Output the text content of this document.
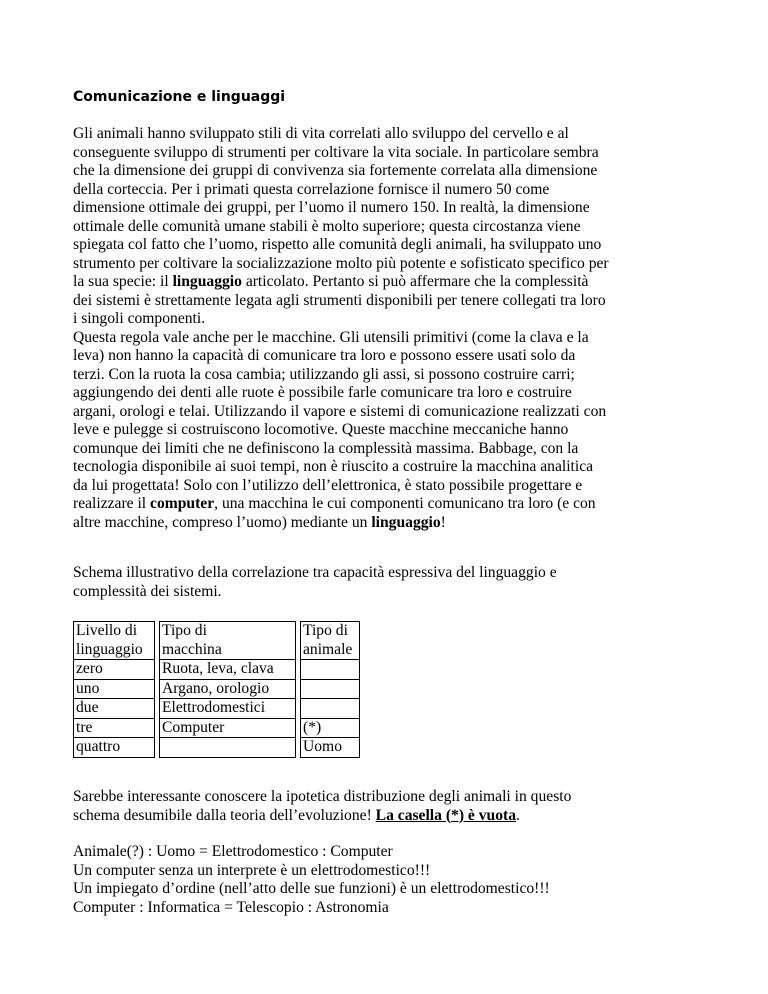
Comunicazione e linguaggi
Gli animali hanno sviluppato stili di vita correlati allo sviluppo del cervello e al
conseguente sviluppo di strumenti per coltivare la vita sociale. In particolare sembra
che la dimensione dei gruppi di convivenza sia fortemente correlata alla dimensione
della corteccia. Per i primati questa correlazione fornisce il numero 50 come
dimensione ottimale dei gruppi, per l’uomo il numero 150. In realtà, la dimensione
ottimale delle comunità umane stabili è molto superiore; questa circostanza viene
spiegata col fatto che l’uomo, rispetto alle comunità degli animali, ha sviluppato uno
strumento per coltivare la socializzazione molto più potente e sofisticato specifico per
la sua specie: il linguaggio articolato. Pertanto si può affermare che la complessità
dei sistemi è strettamente legata agli strumenti disponibili per tenere collegati tra loro
i singoli componenti.
Questa regola vale anche per le macchine. Gli utensili primitivi (come la clava e la
leva) non hanno la capacità di comunicare tra loro e possono essere usati solo da
terzi. Con la ruota la cosa cambia; utilizzando gli assi, si possono costruire carri;
aggiungendo dei denti alle ruote è possibile farle comunicare tra loro e costruire
argani, orologi e telai. Utilizzando il vapore e sistemi di comunicazione realizzati con
leve e pulegge si costruiscono locomotive. Queste macchine meccaniche hanno
comunque dei limiti che ne definiscono la complessità massima. Babbage, con la
tecnologia disponibile ai suoi tempi, non è riuscito a costruire la macchina analitica
da lui progettata! Solo con l’utilizzo dell’elettronica, è stato possibile progettare e
realizzare il computer, una macchina le cui componenti comunicano tra loro (e con
altre macchine, compreso l’uomo) mediante un linguaggio!
Schema illustrativo della correlazione tra capacità espressiva del linguaggio e
complessità dei sistemi.
Livello di
linguaggio		Tipo di
macchina		Tipo di
animale

zero		Ruota, leva, clava		
uno		Argano, orologio		
due		Elettrodomestici		
tre		Computer		(*)
quattro				Uomo
Sarebbe interessante conoscere la ipotetica distribuzione degli animali in questo
schema desumibile dalla teoria dell’evoluzione! La casella (*) è vuota.
Animale(?) : Uomo = Elettrodomestico : Computer
Un computer senza un interprete è un elettrodomestico!!!
Un impiegato d’ordine (nell’atto delle sue funzioni) è un elettrodomestico!!!
Computer : Informatica = Telescopio : Astronomia
